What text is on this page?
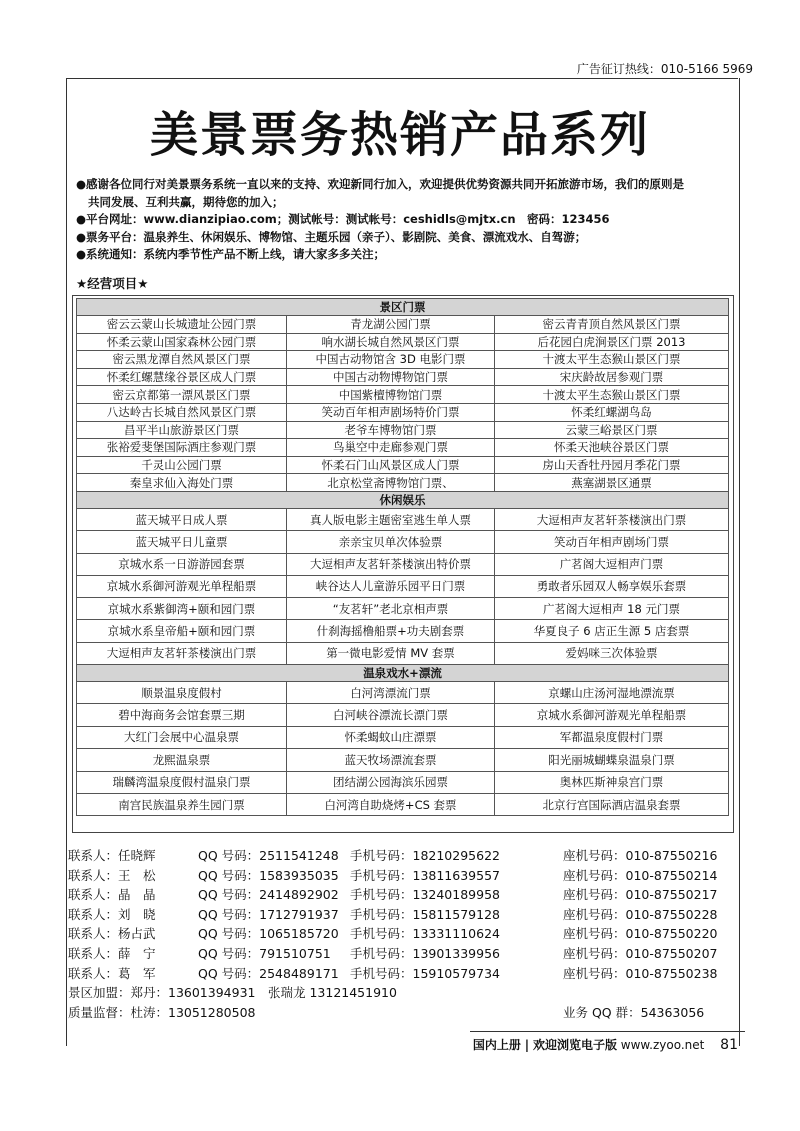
广告征订热线：010-5166 5969
美景票务热销产品系列
●感谢各位同行对美景票务系统一直以来的支持、欢迎新同行加入，欢迎提供优势资源共同开拓旅游市场，我们的原则是
共同发展、互利共赢，期待您的加入；
●平台网址：www.dianzipiao.com；测试帐号：测试帐号：ceshidls@mjtx.cn　密码：123456
●票务平台：温泉养生、休闲娱乐、博物馆、主题乐园（亲子）、影剧院、美食、漂流戏水、自驾游；
●系统通知：系统内季节性产品不断上线，请大家多多关注；
★经营项目★
景区门票		
密云云蒙山长城遗址公园门票	青龙湖公园门票	密云青青顶自然风景区门票
怀柔云蒙山国家森林公园门票	响水湖长城自然风景区门票	后花园白虎涧景区门票 2013
密云黑龙潭自然风景区门票	中国古动物馆含 3D 电影门票	十渡太平生态猴山景区门票
怀柔红螺慧缘谷景区成人门票	中国古动物博物馆门票	宋庆龄故居参观门票
密云京都第一漂风景区门票	中国紫檀博物馆门票	十渡太平生态猴山景区门票
八达岭古长城自然风景区门票	笑动百年相声剧场特价门票	怀柔红螺湖鸟岛
昌平半山旅游景区门票	老爷车博物馆门票	云蒙三峪景区门票
张裕爱斐堡国际酒庄参观门票	鸟巢空中走廊参观门票	怀柔天池峡谷景区门票
千灵山公园门票	怀柔石门山风景区成人门票	房山天香牡丹园月季花门票
秦皇求仙入海处门票	北京松堂斋博物馆门票、	燕塞湖景区通票
休闲娱乐		
蓝天城平日成人票	真人版电影主题密室逃生单人票	大逗相声友茗轩茶楼演出门票
蓝天城平日儿童票	亲亲宝贝单次体验票	笑动百年相声剧场门票
京城水系一日游游园套票	大逗相声友茗轩茶楼演出特价票	广茗阁大逗相声门票
京城水系御河游观光单程船票	峡谷达人儿童游乐园平日门票	勇敢者乐园双人畅享娱乐套票
京城水系紫御湾+颐和园门票	“友茗轩”老北京相声票	广茗阁大逗相声 18 元门票
京城水系皇帝船+颐和园门票	什刹海摇橹船票+功夫剧套票	华夏良子 6 店正生源 5 店套票
大逗相声友茗轩茶楼演出门票	第一微电影爱情 MV 套票	爱妈咪三次体验票
温泉戏水+漂流		
顺景温泉度假村	白河湾漂流门票	京螺山庄汤河湿地漂流票
碧中海商务会馆套票三期	白河峡谷漂流长漂门票	京城水系御河游观光单程船票
大红门会展中心温泉票	怀柔蝎蚊山庄漂票	军都温泉度假村门票
龙熙温泉票	蓝天牧场漂流套票	阳光丽城蝴蝶泉温泉门票
瑞麟湾温泉度假村温泉门票	团结湖公园海滨乐园票	奥林匹斯神泉宫门票
南宫民族温泉养生园门票	白河湾自助烧烤+CS 套票	北京行宫国际酒店温泉套票
联系人：任晓辉	QQ 号码：2511541248 手机号码：18210295622	座机号码：010-87550216
联系人：王　松	QQ 号码：1583935035 手机号码：13811639557	座机号码：010-87550214
联系人：晶　晶	QQ 号码：2414892902 手机号码：13240189958	座机号码：010-87550217
联系人：刘　晓	QQ 号码：1712791937 手机号码：15811579128	座机号码：010-87550228
联系人：杨占武	QQ 号码：1065185720 手机号码：13331110624	座机号码：010-87550220
联系人：薛　宁	QQ 号码：791510751 手机号码：13901339956	座机号码：010-87550207
联系人：葛　军	QQ 号码：2548489171 手机号码：15910579734	座机号码：010-87550238
景区加盟：郑丹：13601394931　张瑞龙 13121451910
质量监督：杜涛：13051280508	业务 QQ 群：54363056
国内上册 | 欢迎浏览电子版 www.zyoo.net 81
